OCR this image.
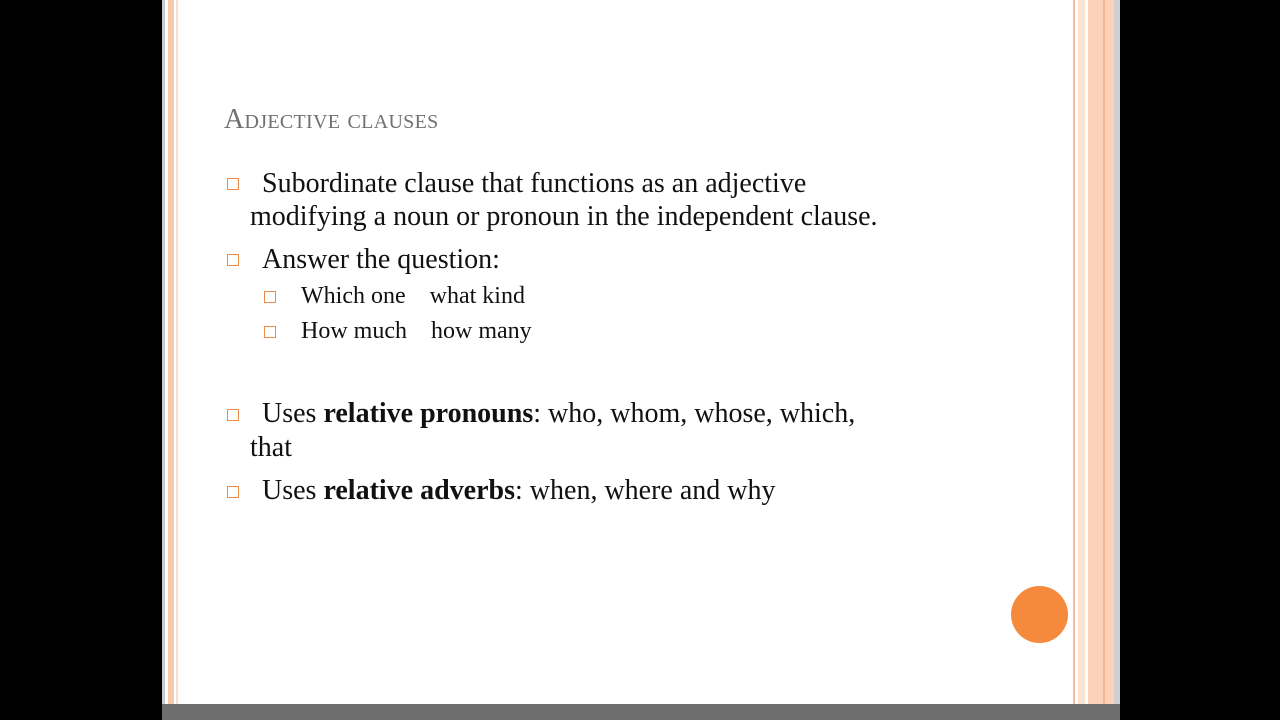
Adjective clauses

Subordinate clause that functions as an adjective

modifying a noun or pronoun in the independent clause.

Answer the question:

Which one what kind

How much how many

Uses relative pronouns: who, whom, whose, which,

that

Uses relative adverbs: when, where and why
